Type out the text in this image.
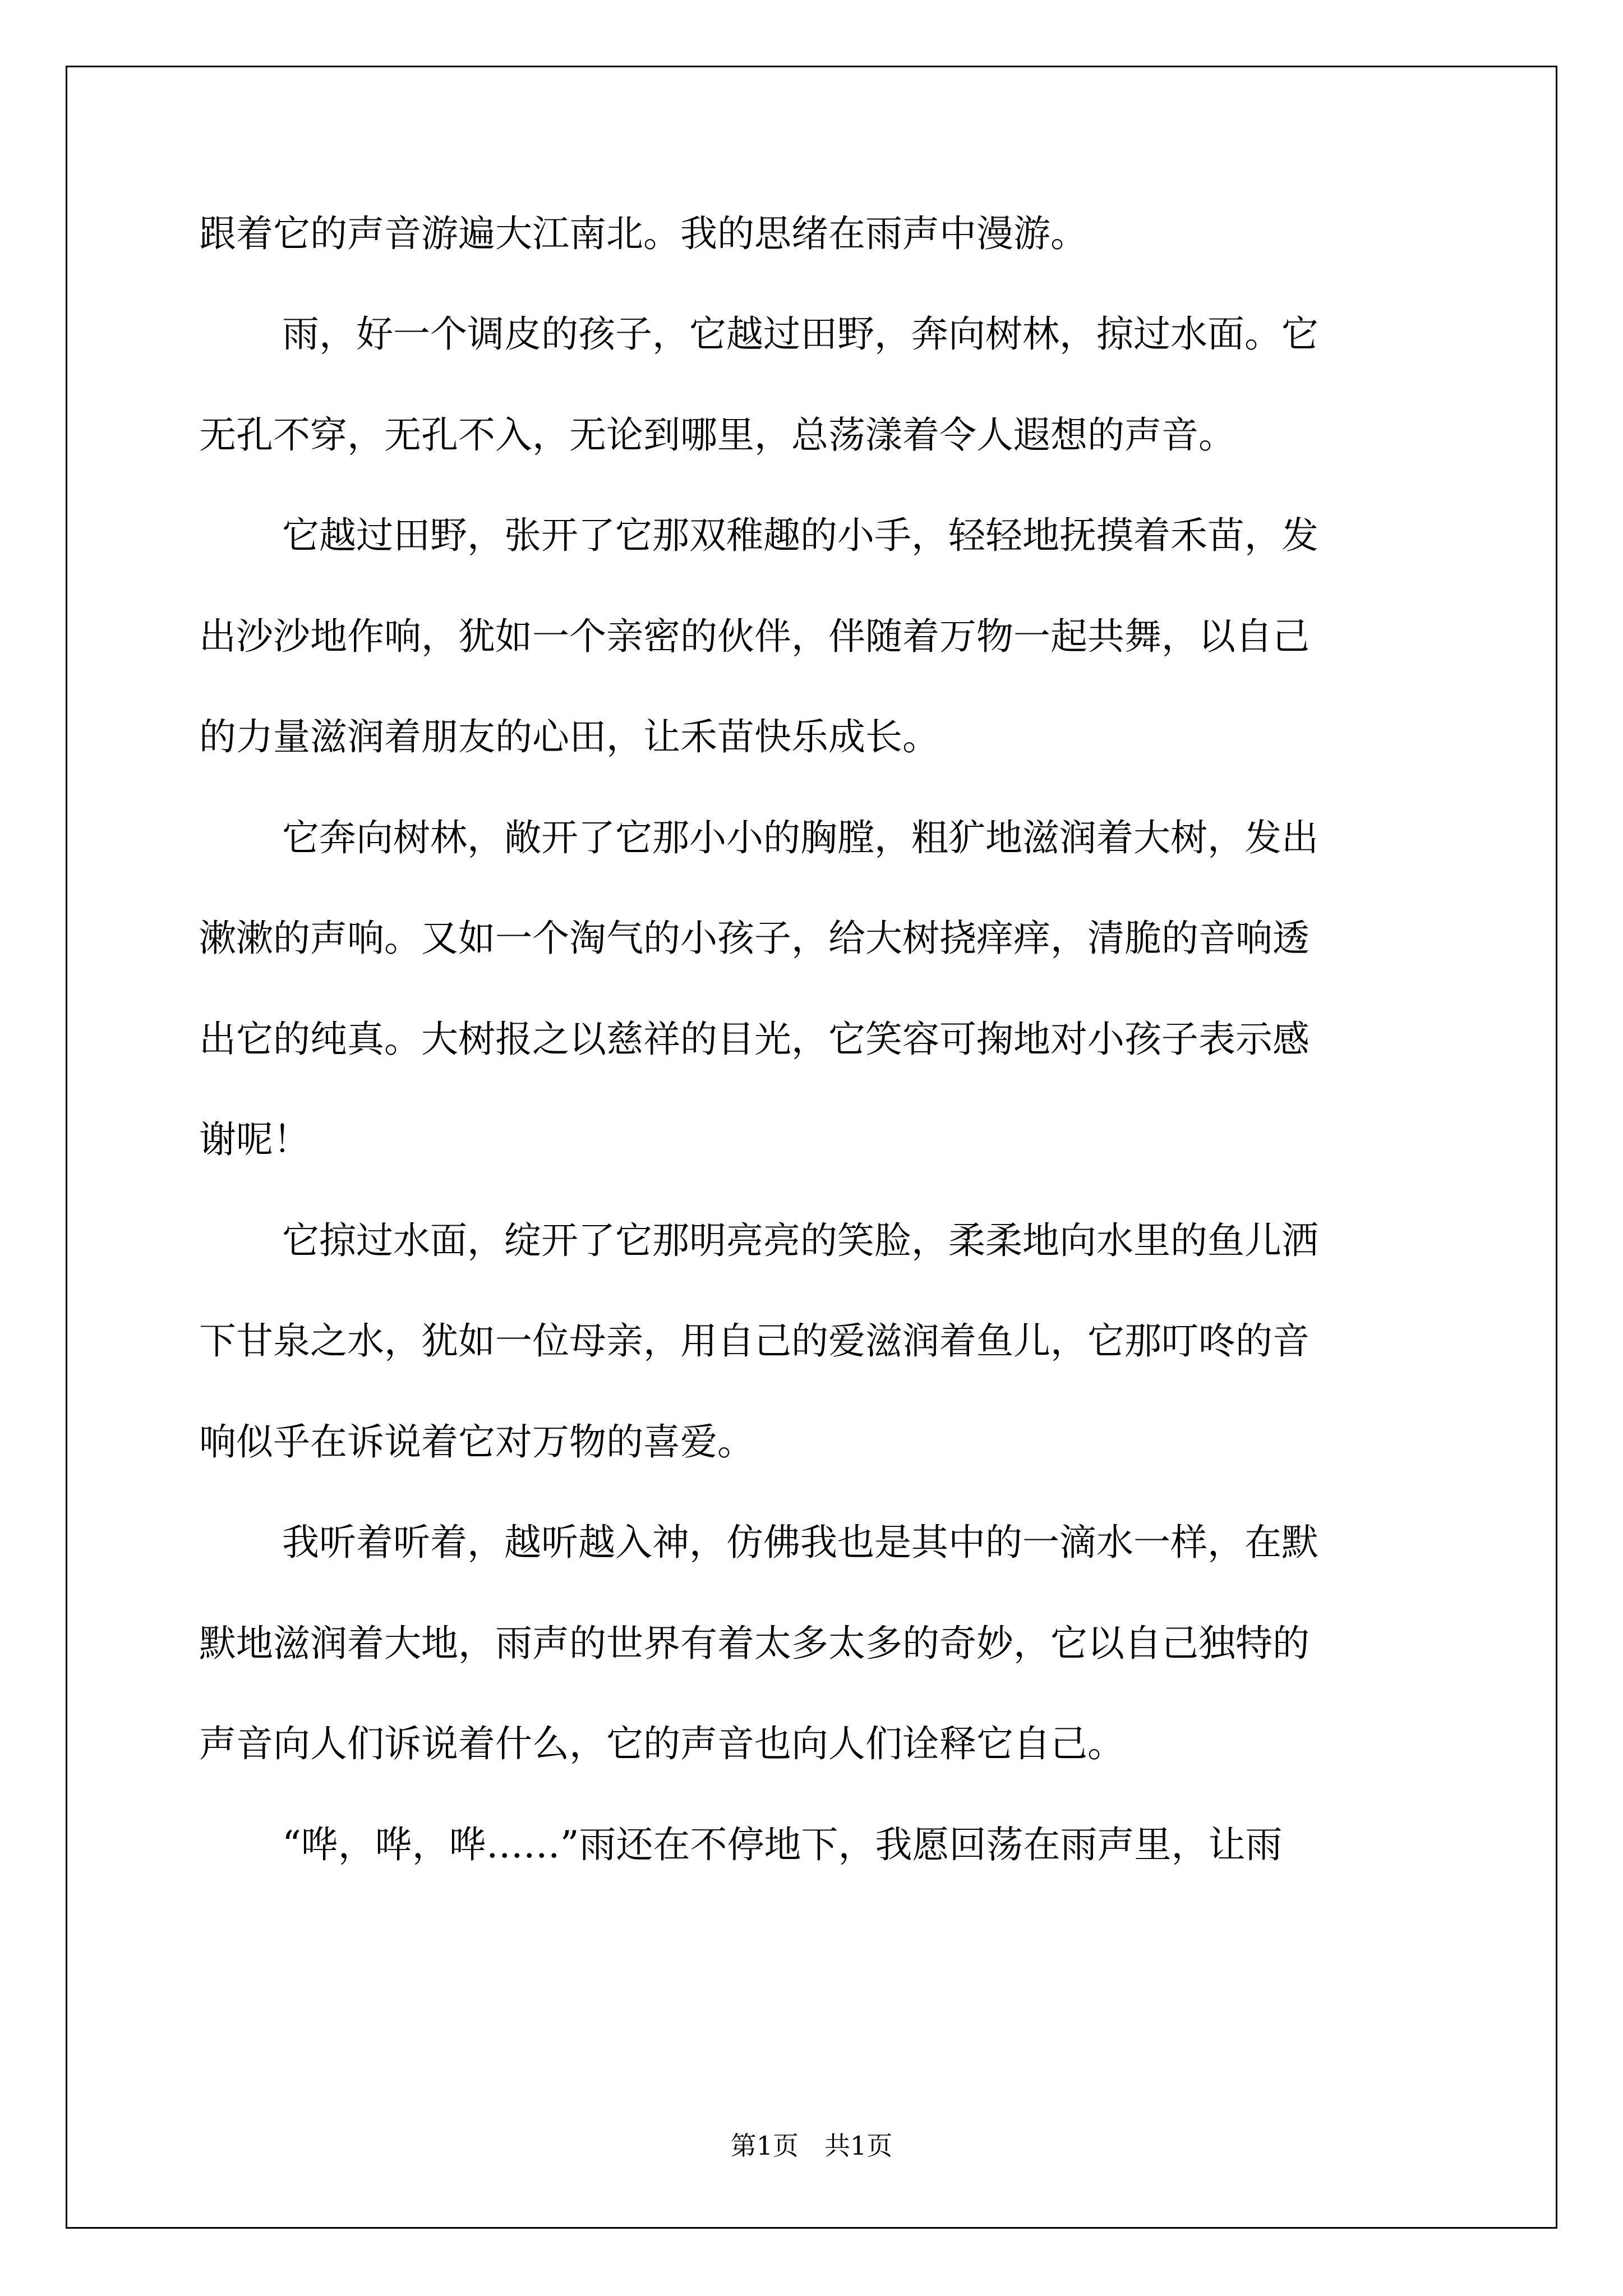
跟着它的声音游遍大江南北。我的思绪在雨声中漫游。
雨，好一个调皮的孩子，它越过田野，奔向树林，掠过水面。它
无孔不穿，无孔不入，无论到哪里，总荡漾着令人遐想的声音。
它越过田野，张开了它那双稚趣的小手，轻轻地抚摸着禾苗，发
出沙沙地作响，犹如一个亲密的伙伴，伴随着万物一起共舞，以自己
的力量滋润着朋友的心田，让禾苗快乐成长。
它奔向树林，敞开了它那小小的胸膛，粗犷地滋润着大树，发出
漱漱的声响。又如一个淘气的小孩子，给大树挠痒痒，清脆的音响透
出它的纯真。大树报之以慈祥的目光，它笑容可掬地对小孩子表示感
谢呢！
它掠过水面，绽开了它那明亮亮的笑脸，柔柔地向水里的鱼儿洒
下甘泉之水，犹如一位母亲，用自己的爱滋润着鱼儿，它那叮咚的音
响似乎在诉说着它对万物的喜爱。
我听着听着，越听越入神，仿佛我也是其中的一滴水一样，在默
默地滋润着大地，雨声的世界有着太多太多的奇妙，它以自己独特的
声音向人们诉说着什么，它的声音也向人们诠释它自己。
“哗，哗，哗……”雨还在不停地下，我愿回荡在雨声里，让雨
第1页　共1页
